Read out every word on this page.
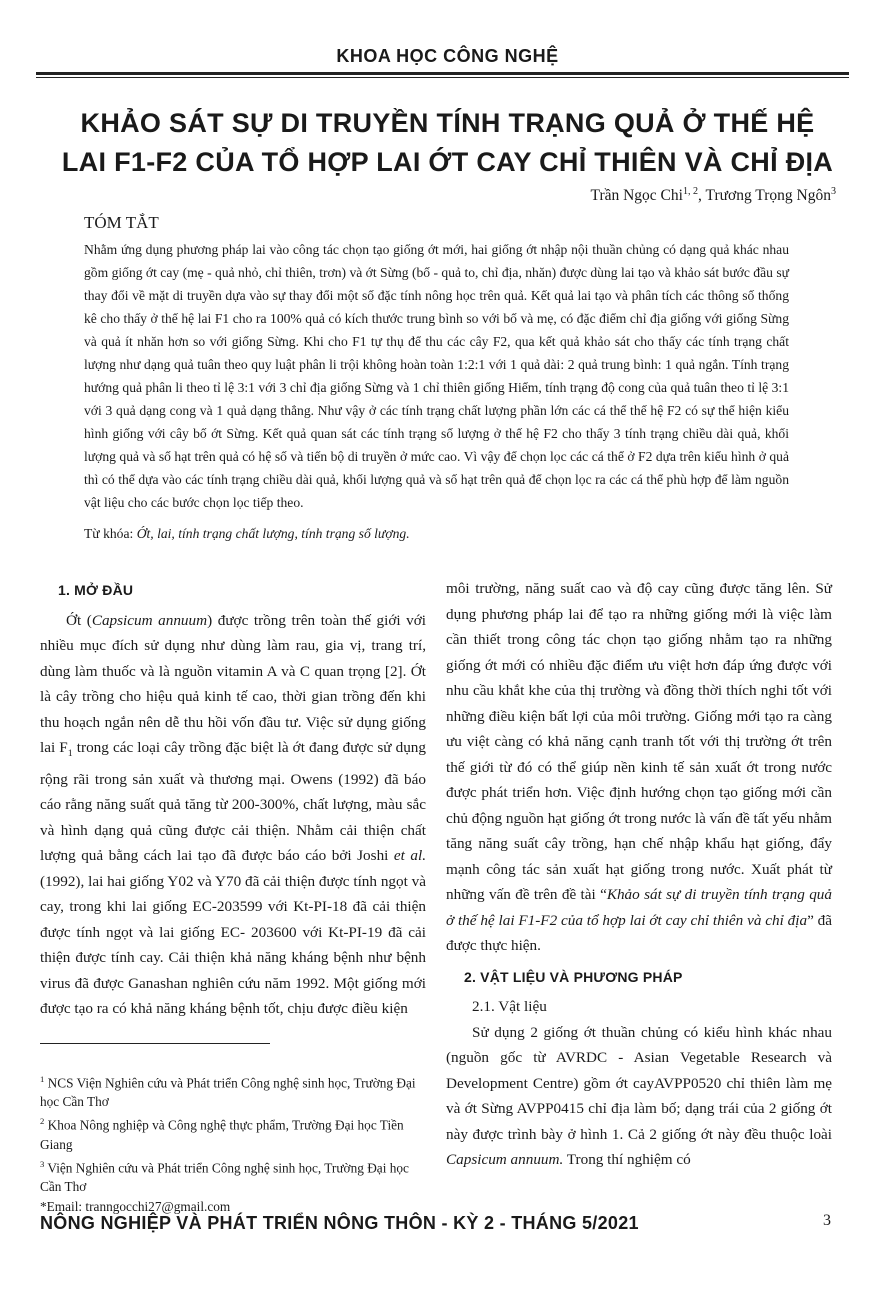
KHOA HỌC CÔNG NGHỆ
KHẢO SÁT SỰ DI TRUYỀN TÍNH TRẠNG QUẢ Ở THẾ HỆ
LAI F1-F2 CỦA TỔ HỢP LAI ỚT CAY CHỈ THIÊN VÀ CHỈ ĐỊA
Trần Ngọc Chi$^{1, 2}$, Trương Trọng Ngôn$^3$
TÓM TẮT
Nhằm ứng dụng phương pháp lai vào công tác chọn tạo giống ớt mới, hai giống ớt nhập nội thuần chủng có dạng quả khác nhau gồm giống ớt cay (mẹ - quả nhỏ, chỉ thiên, trơn) và ớt Sừng (bố - quả to, chỉ địa, nhăn) được dùng lai tạo và khảo sát bước đầu sự thay đổi về mặt di truyền dựa vào sự thay đổi một số đặc tính nông học trên quả. Kết quả lai tạo và phân tích các thông số thống kê cho thấy ở thế hệ lai F1 cho ra 100% quả có kích thước trung bình so với bố và mẹ, có đặc điểm chỉ địa giống với giống Sừng và quả ít nhăn hơn so với giống Sừng. Khi cho F1 tự thụ để thu các cây F2, qua kết quả khảo sát cho thấy các tính trạng chất lượng như dạng quả tuân theo quy luật phân li trội không hoàn toàn 1:2:1 với 1 quả dài: 2 quả trung bình: 1 quả ngắn. Tính trạng hướng quả phân li theo tỉ lệ 3:1 với 3 chỉ địa giống Sừng và 1 chỉ thiên giống Hiểm, tính trạng độ cong của quả tuân theo tỉ lệ 3:1 với 3 quả dạng cong và 1 quả dạng thẳng. Như vậy ở các tính trạng chất lượng phần lớn các cá thể thế hệ F2 có sự thể hiện kiểu hình giống với cây bố ớt Sừng. Kết quả quan sát các tính trạng số lượng ở thế hệ F2 cho thấy 3 tính trạng chiều dài quả, khối lượng quả và số hạt trên quả có hệ số và tiến bộ di truyền ở mức cao. Vì vậy để chọn lọc các cá thể ở F2 dựa trên kiểu hình ở quả thì có thể dựa vào các tính trạng chiều dài quả, khối lượng quả và số hạt trên quả để chọn lọc ra các cá thể phù hợp để làm nguồn vật liệu cho các bước chọn lọc tiếp theo.
Từ khóa: Ớt, lai, tính trạng chất lượng, tính trạng số lượng.
1. MỞ ĐẦU

Ớt (Capsicum annuum) được trồng trên toàn thế giới với nhiều mục đích sử dụng như dùng làm rau, gia vị, trang trí, dùng làm thuốc và là nguồn vitamin A và C quan trọng [2]. Ớt là cây trồng cho hiệu quả kinh tế cao, thời gian trồng đến khi thu hoạch ngắn nên dễ thu hồi vốn đầu tư. Việc sử dụng giống lai $F_1$ trong các loại cây trồng đặc biệt là ớt đang được sử dụng rộng rãi trong sản xuất và thương mại. Owens (1992) đã báo cáo rằng năng suất quả tăng từ 200-300%, chất lượng, màu sắc và hình dạng quả cũng được cải thiện. Nhằm cải thiện chất lượng quả bằng cách lai tạo đã được báo cáo bởi Joshi et al. (1992), lai hai giống Y02 và Y70 đã cải thiện được tính ngọt và cay, trong khi lai giống EC-203599 với Kt-PI-18 đã cải thiện được tính ngọt và lai giống EC- 203600 với Kt-PI-19 đã cải thiện được tính cay. Cải thiện khả năng kháng bệnh như bệnh virus đã được Ganashan nghiên cứu năm 1992. Một giống mới được tạo ra có khả năng kháng bệnh tốt, chịu được điều kiện

$^1$ NCS Viện Nghiên cứu và Phát triển Công nghệ sinh học, Trường Đại học Cần Thơ

$^2$ Khoa Nông nghiệp và Công nghệ thực phẩm, Trường Đại học Tiền Giang

$^3$ Viện Nghiên cứu và Phát triển Công nghệ sinh học, Trường Đại học Cần Thơ

*Email: tranngocchi27@gmail.com

NÔNG NGHIỆP VÀ PHÁT TRIỂN NÔNG THÔN - KỲ 2 - THÁNG 5/2021	3

môi trường, năng suất cao và độ cay cũng được tăng lên. Sử dụng phương pháp lai để tạo ra những giống mới là việc làm cần thiết trong công tác chọn tạo giống nhằm tạo ra những giống ớt mới có nhiều đặc điểm ưu việt hơn đáp ứng được với nhu cầu khắt khe của thị trường và đồng thời thích nghi tốt với những điều kiện bất lợi của môi trường. Giống mới tạo ra càng ưu việt càng có khả năng cạnh tranh tốt với thị trường ớt trên thế giới từ đó có thể giúp nền kinh tế sản xuất ớt trong nước được phát triển hơn. Việc định hướng chọn tạo giống mới cần chủ động nguồn hạt giống ớt trong nước là vấn đề tất yếu nhằm tăng năng suất cây trồng, hạn chế nhập khẩu hạt giống, đẩy mạnh công tác sản xuất hạt giống trong nước. Xuất phát từ những vấn đề trên đề tài “Khảo sát sự di truyền tính trạng quả ở thế hệ lai F1-F2 của tổ hợp lai ớt cay chỉ thiên và chỉ địa” đã được thực hiện.

2. VẬT LIỆU VÀ PHƯƠNG PHÁP
2.1. Vật liệu

Sử dụng 2 giống ớt thuần chủng có kiểu hình khác nhau (nguồn gốc từ AVRDC - Asian Vegetable Research và Development Centre) gồm ớt cayAVPP0520 chỉ thiên làm mẹ và ớt Sừng AVPP0415 chỉ địa làm bố; dạng trái của 2 giống ớt này được trình bày ở hình 1. Cả 2 giống ớt này đều thuộc loài Capsicum annuum. Trong thí nghiệm có
